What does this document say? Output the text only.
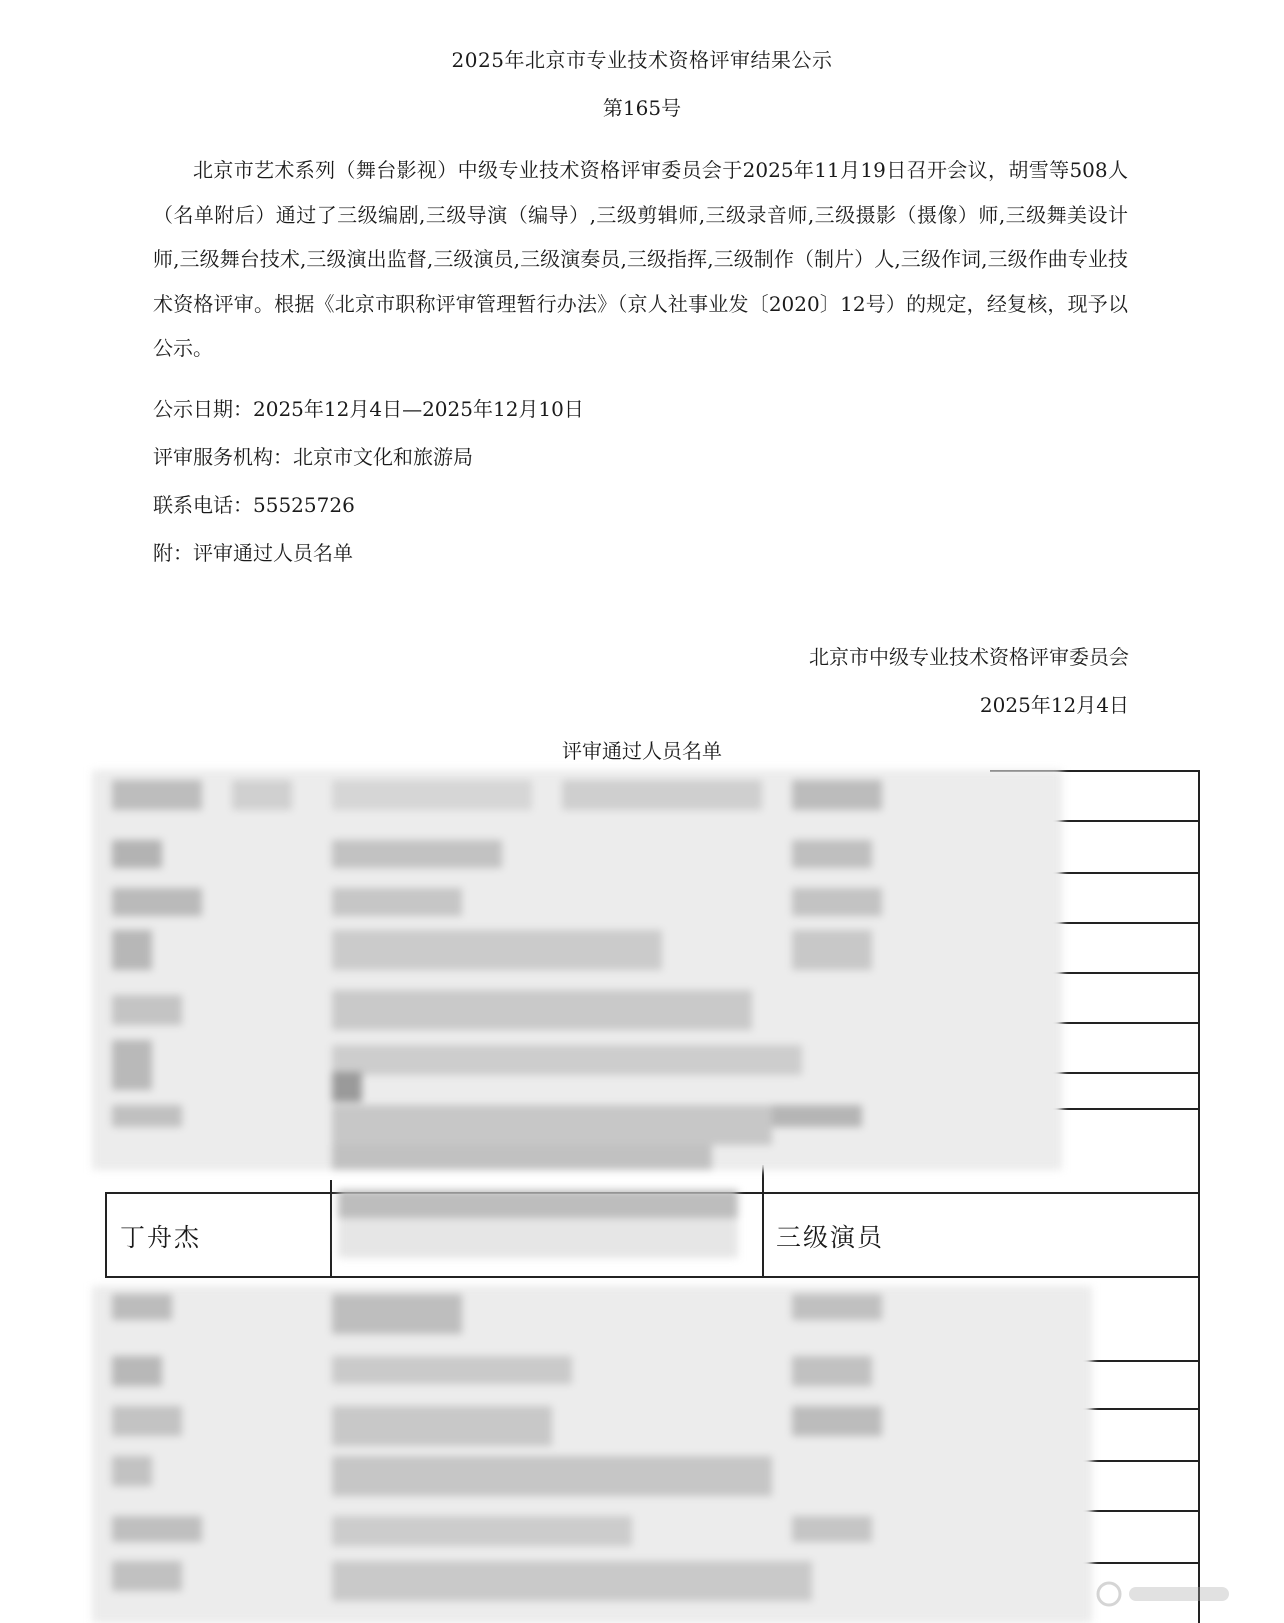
2025年北京市专业技术资格评审结果公示
第165号

北京市艺术系列（舞台影视）中级专业技术资格评审委员会于2025年11月19日召开会议，胡雪等508人（名单附后）通过了三级编剧,三级导演（编导）,三级剪辑师,三级录音师,三级摄影（摄像）师,三级舞美设计师,三级舞台技术,三级演出监督,三级演员,三级演奏员,三级指挥,三级制作（制片）人,三级作词,三级作曲专业技术资格评审。根据《北京市职称评审管理暂行办法》（京人社事业发〔2020〕12号）的规定，经复核，现予以公示。

公示日期：2025年12月4日—2025年12月10日
评审服务机构：北京市文化和旅游局
联系电话：55525726
附：评审通过人员名单
北京市中级专业技术资格评审委员会
2025年12月4日
评审通过人员名单
丁舟杰	三级演员
